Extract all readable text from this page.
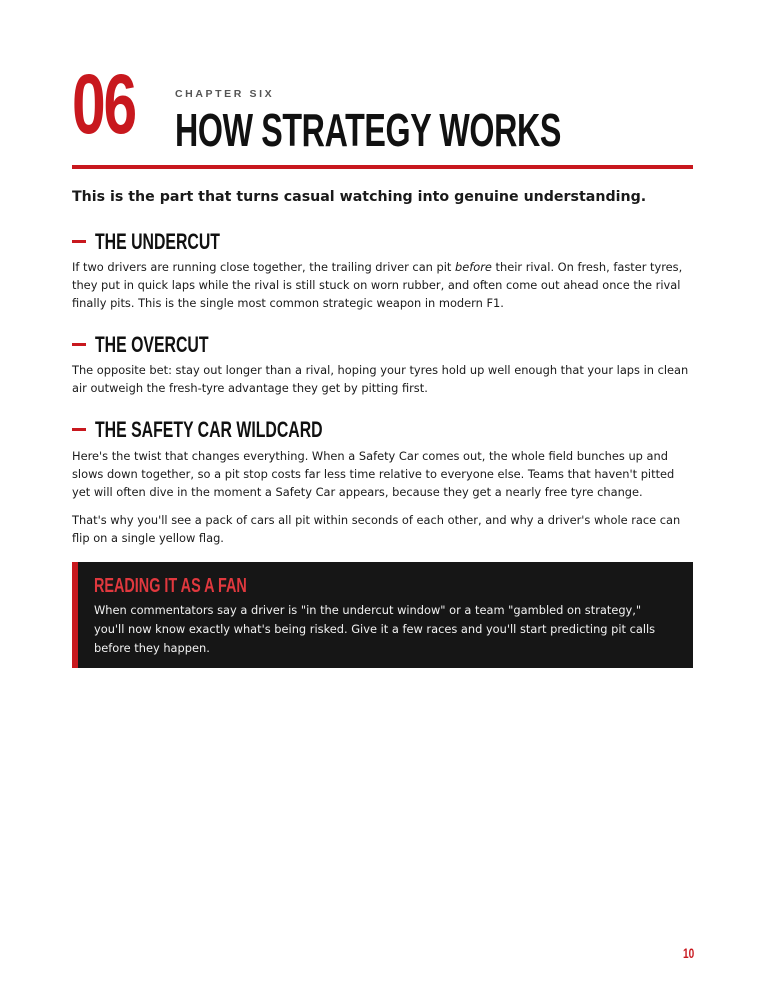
06	CHAPTER SIX
HOW STRATEGY WORKS
This is the part that turns casual watching into genuine understanding.
THE UNDERCUT

If two drivers are running close together, the trailing driver can pit before their rival. On fresh, faster tyres, they put in quick laps while the rival is still stuck on worn rubber, and often come out ahead once the rival finally pits. This is the single most common strategic weapon in modern F1.

THE OVERCUT

The opposite bet: stay out longer than a rival, hoping your tyres hold up well enough that your laps in clean air outweigh the fresh-tyre advantage they get by pitting first.

THE SAFETY CAR WILDCARD

Here's the twist that changes everything. When a Safety Car comes out, the whole field bunches up and slows down together, so a pit stop costs far less time relative to everyone else. Teams that haven't pitted yet will often dive in the moment a Safety Car appears, because they get a nearly free tyre change.

That's why you'll see a pack of cars all pit within seconds of each other, and why a driver's whole race can flip on a single yellow flag.

READING IT AS A FAN
When commentators say a driver is "in the undercut window" or a team "gambled on strategy," you'll now know exactly what's being risked. Give it a few races and you'll start predicting pit calls before they happen.
10
